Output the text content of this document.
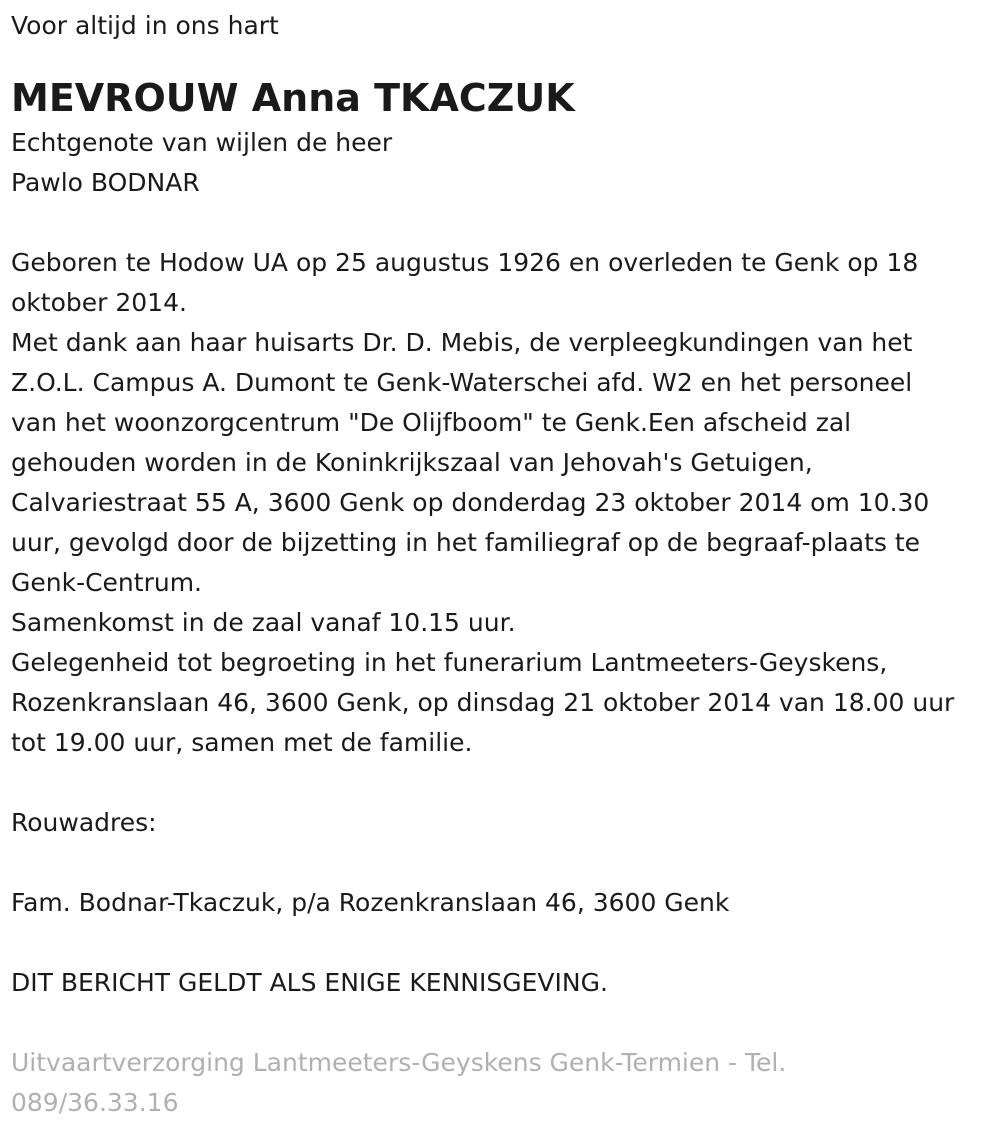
Voor altijd in ons hart

MEVROUW Anna TKACZUK

Echtgenote van wijlen de heer

Pawlo BODNAR

Geboren te Hodow UA op 25 augustus 1926 en overleden te Genk op 18

oktober 2014.

Met dank aan haar huisarts Dr. D. Mebis, de verpleegkundingen van het

Z.O.L. Campus A. Dumont te Genk-Waterschei afd. W2 en het personeel

van het woonzorgcentrum "De Olijfboom" te Genk.Een afscheid zal

gehouden worden in de Koninkrijkszaal van Jehovah's Getuigen,

Calvariestraat 55 A, 3600 Genk op donderdag 23 oktober 2014 om 10.30

uur, gevolgd door de bijzetting in het familiegraf op de begraaf-plaats te

Genk-Centrum.

Samenkomst in de zaal vanaf 10.15 uur.

Gelegenheid tot begroeting in het funerarium Lantmeeters-Geyskens,

Rozenkranslaan 46, 3600 Genk, op dinsdag 21 oktober 2014 van 18.00 uur

tot 19.00 uur, samen met de familie.

Rouwadres:

Fam. Bodnar-Tkaczuk, p/a Rozenkranslaan 46, 3600 Genk

DIT BERICHT GELDT ALS ENIGE KENNISGEVING.

Uitvaartverzorging Lantmeeters-Geyskens Genk-Termien - Tel.

089/36.33.16
